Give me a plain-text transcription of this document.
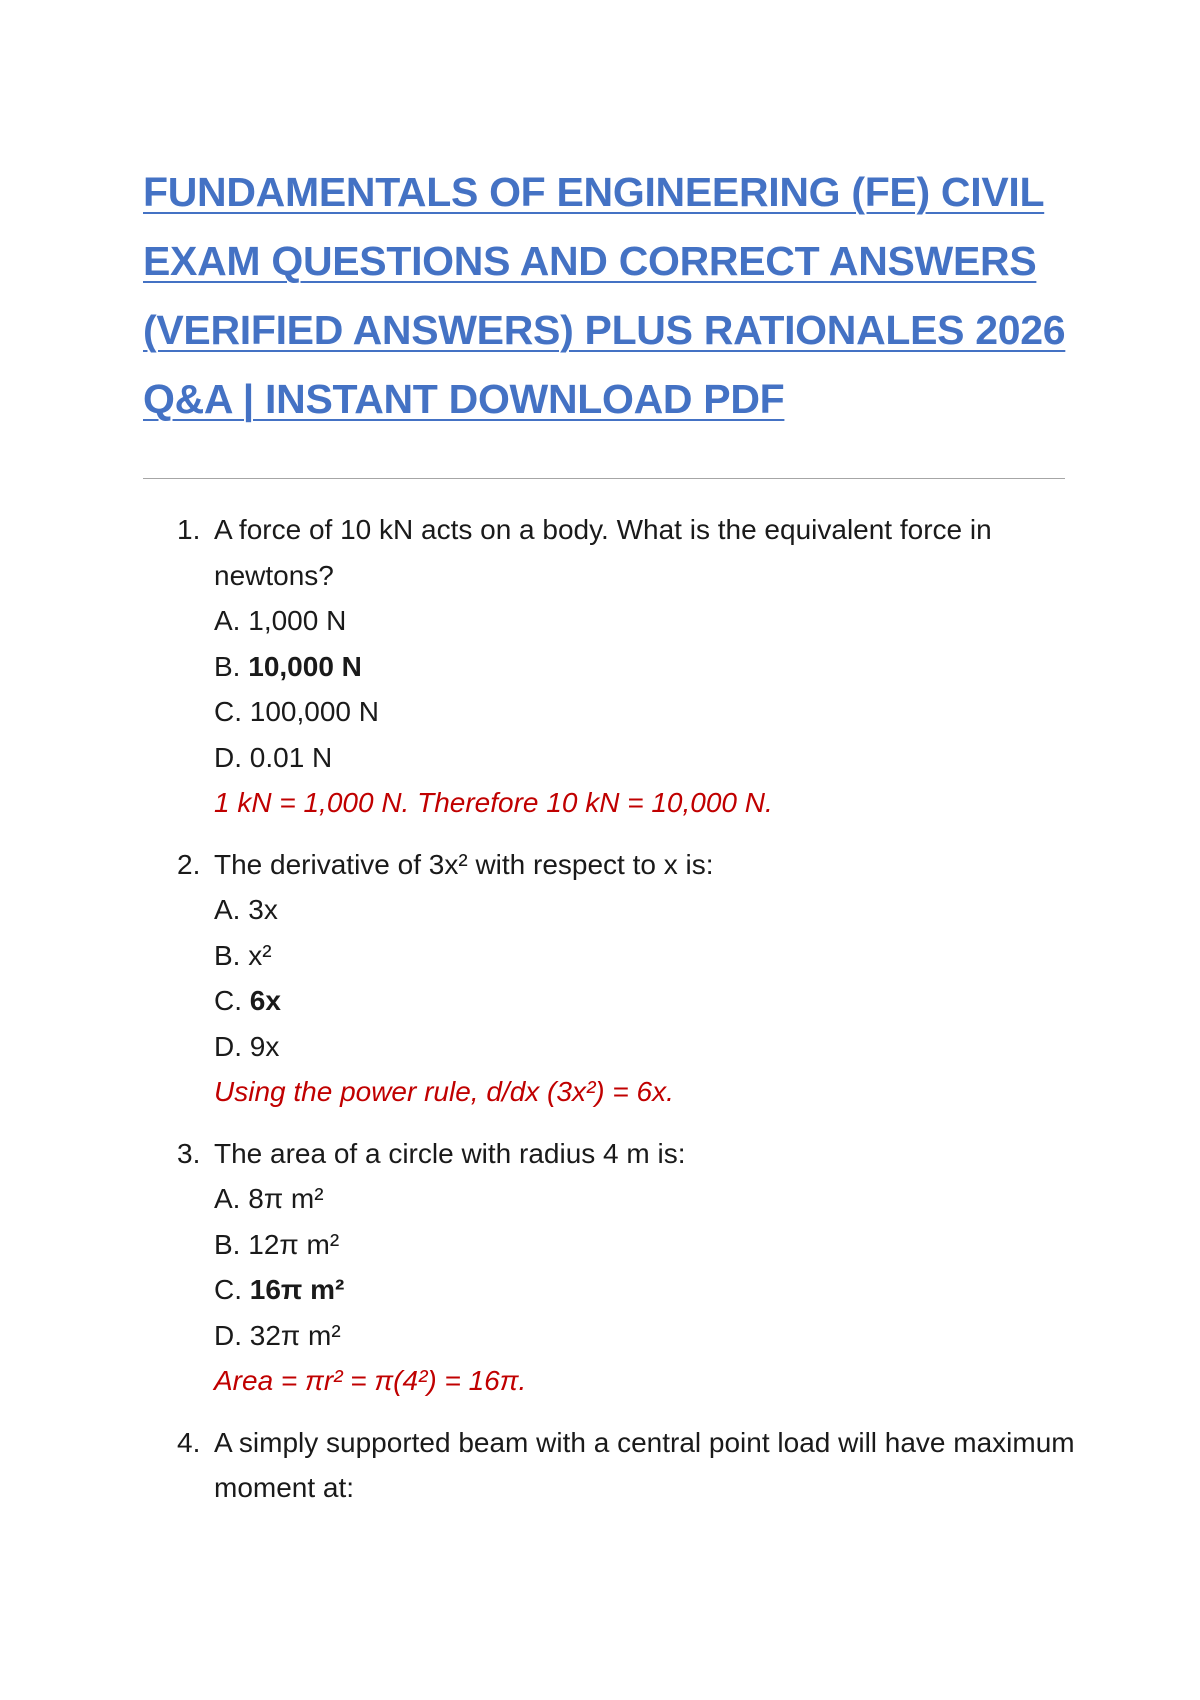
FUNDAMENTALS OF ENGINEERING (FE) CIVIL
EXAM QUESTIONS AND CORRECT ANSWERS
(VERIFIED ANSWERS) PLUS RATIONALES 2026
Q&A | INSTANT DOWNLOAD PDF
1. A force of 10 kN acts on a body. What is the equivalent force in newtons?
A. 1,000 N
B. 10,000 N
C. 100,000 N
D. 0.01 N
1 kN = 1,000 N. Therefore 10 kN = 10,000 N.
2. The derivative of 3x² with respect to x is:
A. 3x
B. x²
C. 6x
D. 9x
Using the power rule, d/dx (3x²) = 6x.
3. The area of a circle with radius 4 m is:
A. 8π m²
B. 12π m²
C. 16π m²
D. 32π m²
Area = πr² = π(4²) = 16π.
4. A simply supported beam with a central point load will have maximum moment at:
